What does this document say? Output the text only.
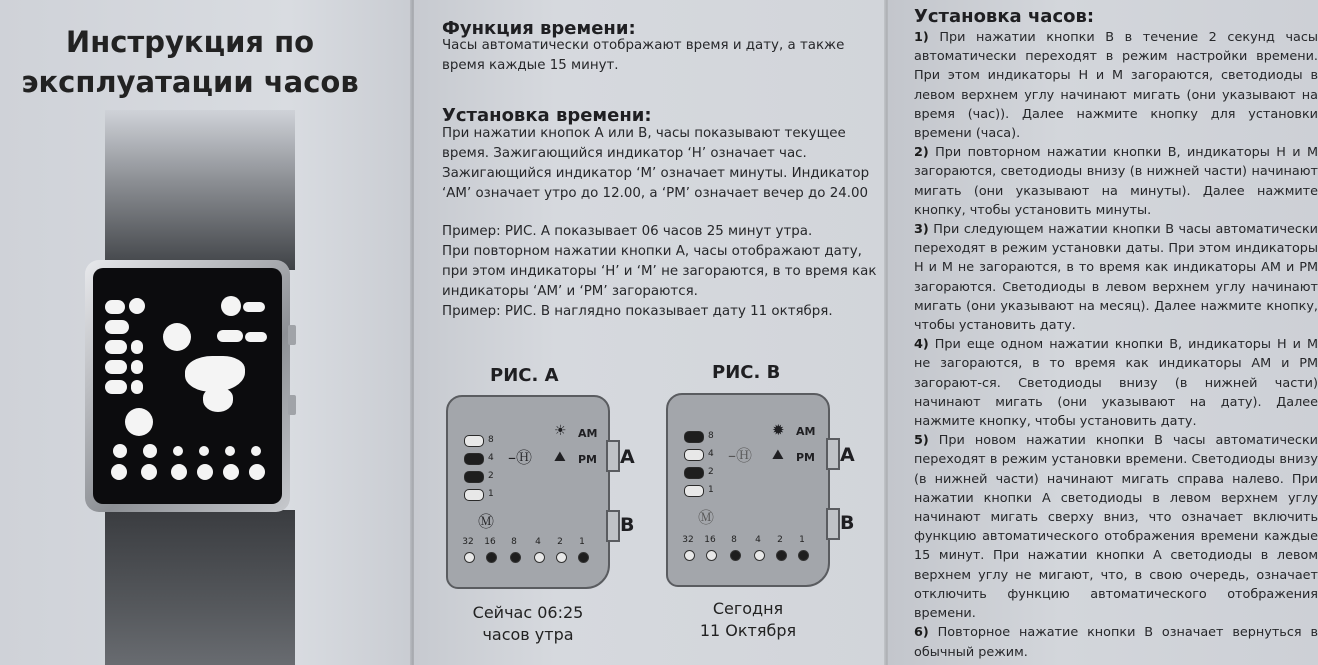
Инструкция по
эксплуатации часов
Функция времени:
Часы автоматически отображают время и дату, а также
время каждые 15 минут.
Установка времени:
При нажатии кнопок А или В, часы показывают текущее
время. Зажигающийся индикатор ‘H’ означает час.
Зажигающийся индикатор ‘M’ означает минуты. Индикатор
‘AM’ означает утро до 12.00, а ‘PM’ означает вечер до 24.00
Пример: РИС. А показывает 06 часов 25 минут утра.
При повторном нажатии кнопки А, часы отображают дату,
при этом индикаторы ‘H’ и ‘M’ не загораются, в то время как
индикаторы ‘AM’ и ‘PM’ загораются.
Пример: РИС. В наглядно показывает дату 11 октября.
РИС. А
8
4
2
1
–Ⓗ
☀ AM
⛰ PM
Ⓜ
32 16	8	4	2	1
A
B
Сейчас 06:25
часов утра
РИС. В
8
4
2
1
–Ⓗ
✹ AM
⛰ PM
Ⓜ
32 16	8	4	2	1
A
B
Сегодня
11 Октября
Установка часов:
1) При нажатии кнопки В в течение 2 секунд часы автоматически переходят в режим настройки времени. При этом индикаторы H и M загораются, светодиоды в левом верхнем углу начинают мигать (они указывают на время (час)). Далее нажмите кнопку для установки времени (часа).
2) При повторном нажатии кнопки В, индикаторы H и M загораются, светодиоды внизу (в нижней части) начинают мигать (они указывают на минуты). Далее нажмите кнопку, чтобы установить минуты.
3) При следующем нажатии кнопки В часы автоматически переходят в режим установки даты. При этом индикаторы H и M не загораются, в то время как индикаторы AM и PM загораются. Светодиоды в левом верхнем углу начинают мигать (они указывают на месяц). Далее нажмите кнопку, чтобы установить дату.
4) При еще одном нажатии кнопки В, индикаторы H и M не загораются, в то время как индикаторы AM и PM загорают-ся. Светодиоды внизу (в нижней части) начинают мигать (они указывают на дату). Далее нажмите кнопку, чтобы установить дату.
5) При новом нажатии кнопки В часы автоматически переходят в режим установки времени. Светодиоды внизу (в нижней части) начинают мигать справа налево. При нажатии кнопки А светодиоды в левом верхнем углу начинают мигать сверху вниз, что означает включить функцию автоматического отображения времени каждые 15 минут. При нажатии кнопки А светодиоды в левом верхнем углу не мигают, что, в свою очередь, означает отключить функцию автоматического отображения времени.
6) Повторное нажатие кнопки В означает вернуться в обычный режим.
